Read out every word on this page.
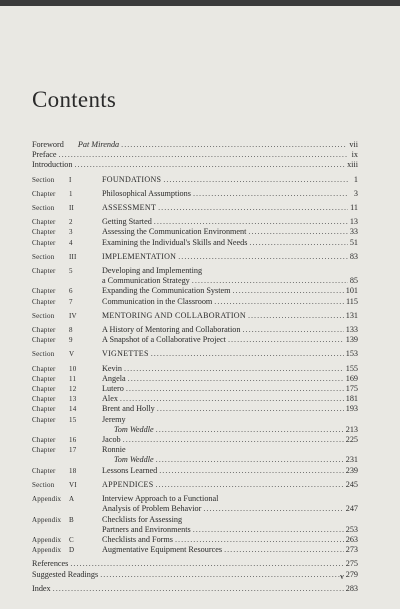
Contents
Foreword Pat Mirenda .....	vii
Preface .....	ix
Introduction .....	xiii
Section I	FOUNDATIONS .....	1
Chapter 1	Philosophical Assumptions .....	3
Section II	ASSESSMENT .....	11
Chapter 2	Getting Started .....	13
Chapter 3	Assessing the Communication Environment .....	33
Chapter 4	Examining the Individual's Skills and Needs .....	51
Section III	IMPLEMENTATION .....	83
Chapter 5	Developing and Implementing
a Communication Strategy .....	85
Chapter 6	Expanding the Communication System .....	101
Chapter 7	Communication in the Classroom .....	115
Section IV	MENTORING AND COLLABORATION .....	131
Chapter 8	A History of Mentoring and Collaboration .....	133
Chapter 9	A Snapshot of a Collaborative Project .....	139
Section V	VIGNETTES .....	153
Chapter 10	Kevin .....	155
Chapter 11	Angela .....	169
Chapter 12	Lutero .....	175
Chapter 13	Alex .....	181
Chapter 14	Brent and Holly .....	193
Chapter 15	Jeremy
Tom Weddle .....	213
Chapter 16	Jacob .....	225
Chapter 17	Ronnie
Tom Weddle .....	231
Chapter 18	Lessons Learned .....	239
Section VI	APPENDICES .....	245
Appendix A	Interview Approach to a Functional
Analysis of Problem Behavior .....	247
Appendix B	Checklists for Assessing
Partners and Environments .....	253
Appendix C	Checklists and Forms .....	263
Appendix D	Augmentative Equipment Resources .....	273
References .....	275
Suggested Readings .....	279
Index .....	283
v
